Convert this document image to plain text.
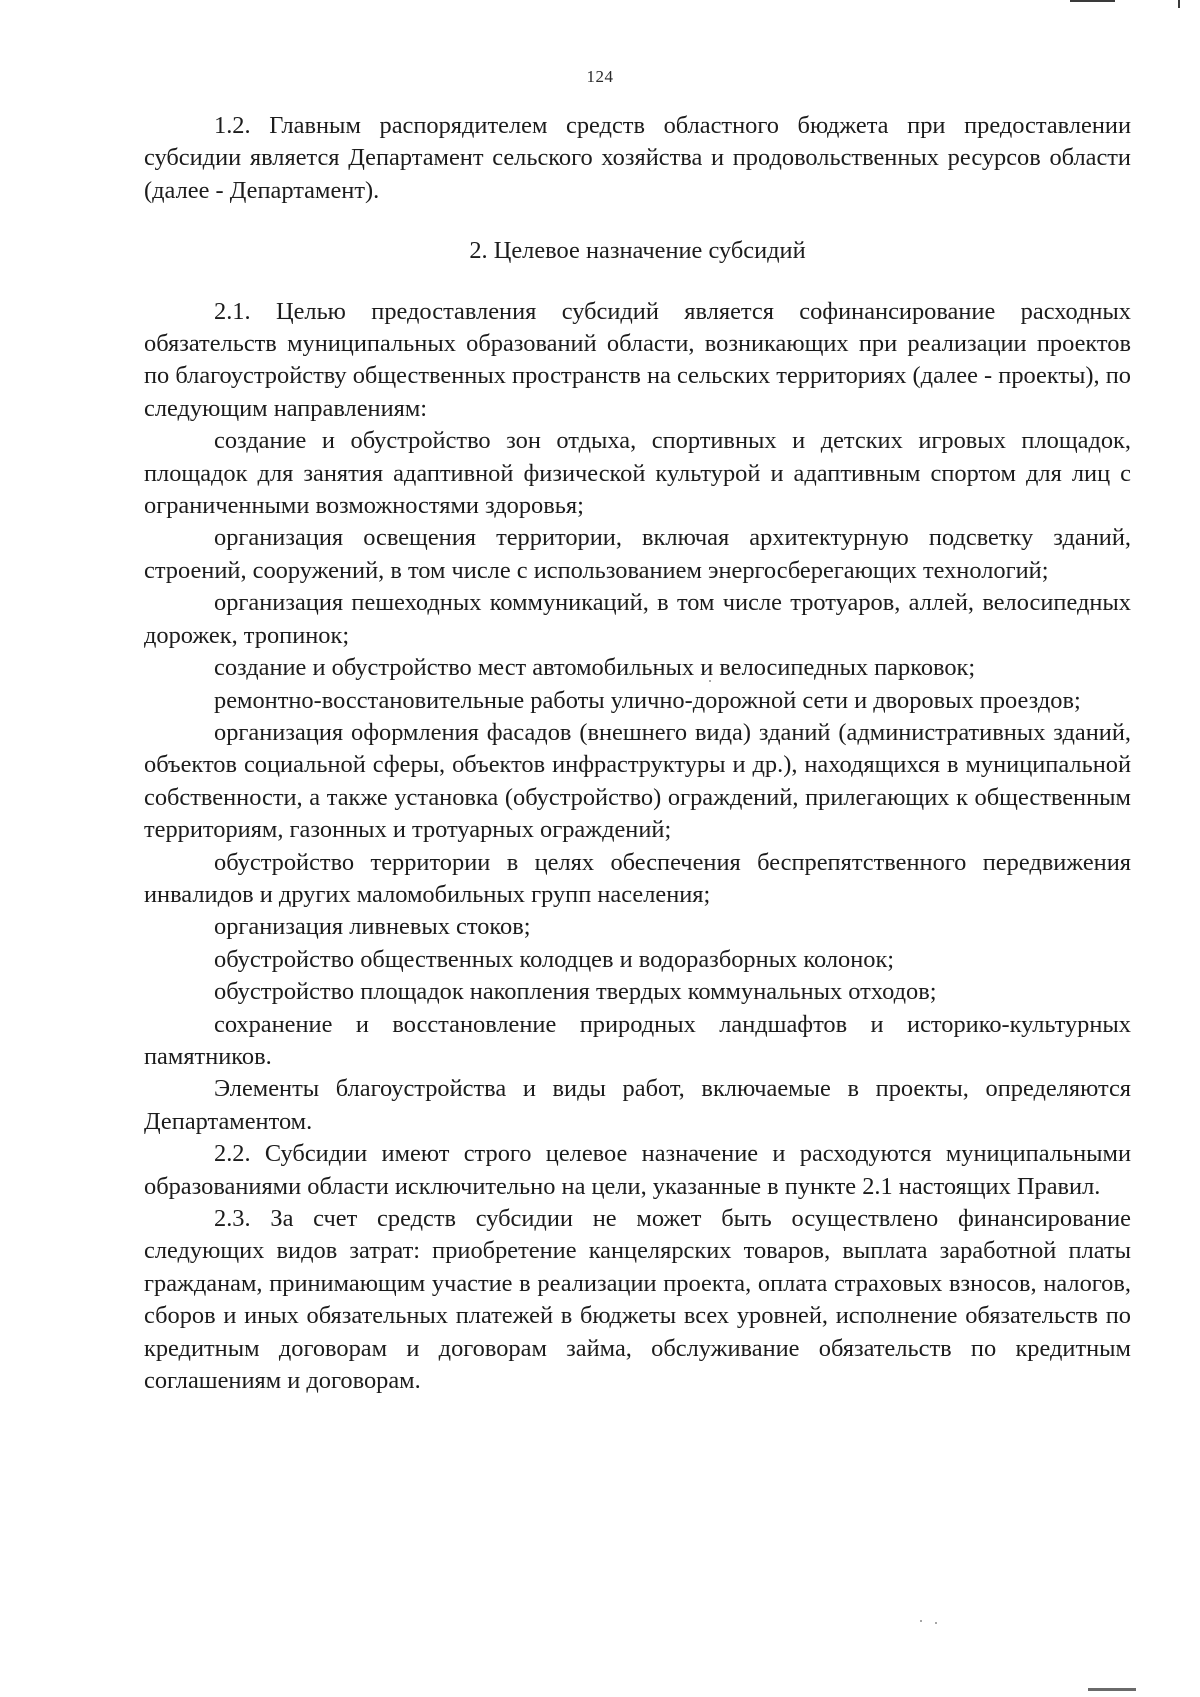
124

1.2. Главным распорядителем средств областного бюджета при предоставлении субсидии является Департамент сельского хозяйства и продовольственных ресурсов области (далее - Департамент).

2. Целевое назначение субсидий

2.1. Целью предоставления субсидий является софинансирование расходных обязательств муниципальных образований области, возникающих при реализации проектов по благоустройству общественных пространств на сельских территориях (далее - проекты), по следующим направлениям:

создание и обустройство зон отдыха, спортивных и детских игровых площадок, площадок для занятия адаптивной физической культурой и адаптивным спортом для лиц с ограниченными возможностями здоровья;

организация освещения территории, включая архитектурную подсветку зданий, строений, сооружений, в том числе с использованием энергосберегающих технологий;

организация пешеходных коммуникаций, в том числе тротуаров, аллей, велосипедных дорожек, тропинок;

создание и обустройство мест автомобильных и велосипедных парковок;

ремонтно-восстановительные работы улично-дорожной сети и дворовых проездов;

организация оформления фасадов (внешнего вида) зданий (административных зданий, объектов социальной сферы, объектов инфраструктуры и др.), находящихся в муниципальной собственности, а также установка (обустройство) ограждений, прилегающих к общественным территориям, газонных и тротуарных ограждений;

обустройство территории в целях обеспечения беспрепятственного передвижения инвалидов и других маломобильных групп населения;

организация ливневых стоков;

обустройство общественных колодцев и водоразборных колонок;

обустройство площадок накопления твердых коммунальных отходов;

сохранение и восстановление природных ландшафтов и историко-культурных памятников.

Элементы благоустройства и виды работ, включаемые в проекты, определяются Департаментом.

2.2. Субсидии имеют строго целевое назначение и расходуются муниципальными образованиями области исключительно на цели, указанные в пункте 2.1 настоящих Правил.

2.3. За счет средств субсидии не может быть осуществлено финансирование следующих видов затрат: приобретение канцелярских товаров, выплата заработной платы гражданам, принимающим участие в реализации проекта, оплата страховых взносов, налогов, сборов и иных обязательных платежей в бюджеты всех уровней, исполнение обязательств по кредитным договорам и договорам займа, обслуживание обязательств по кредитным соглашениям и договорам.
